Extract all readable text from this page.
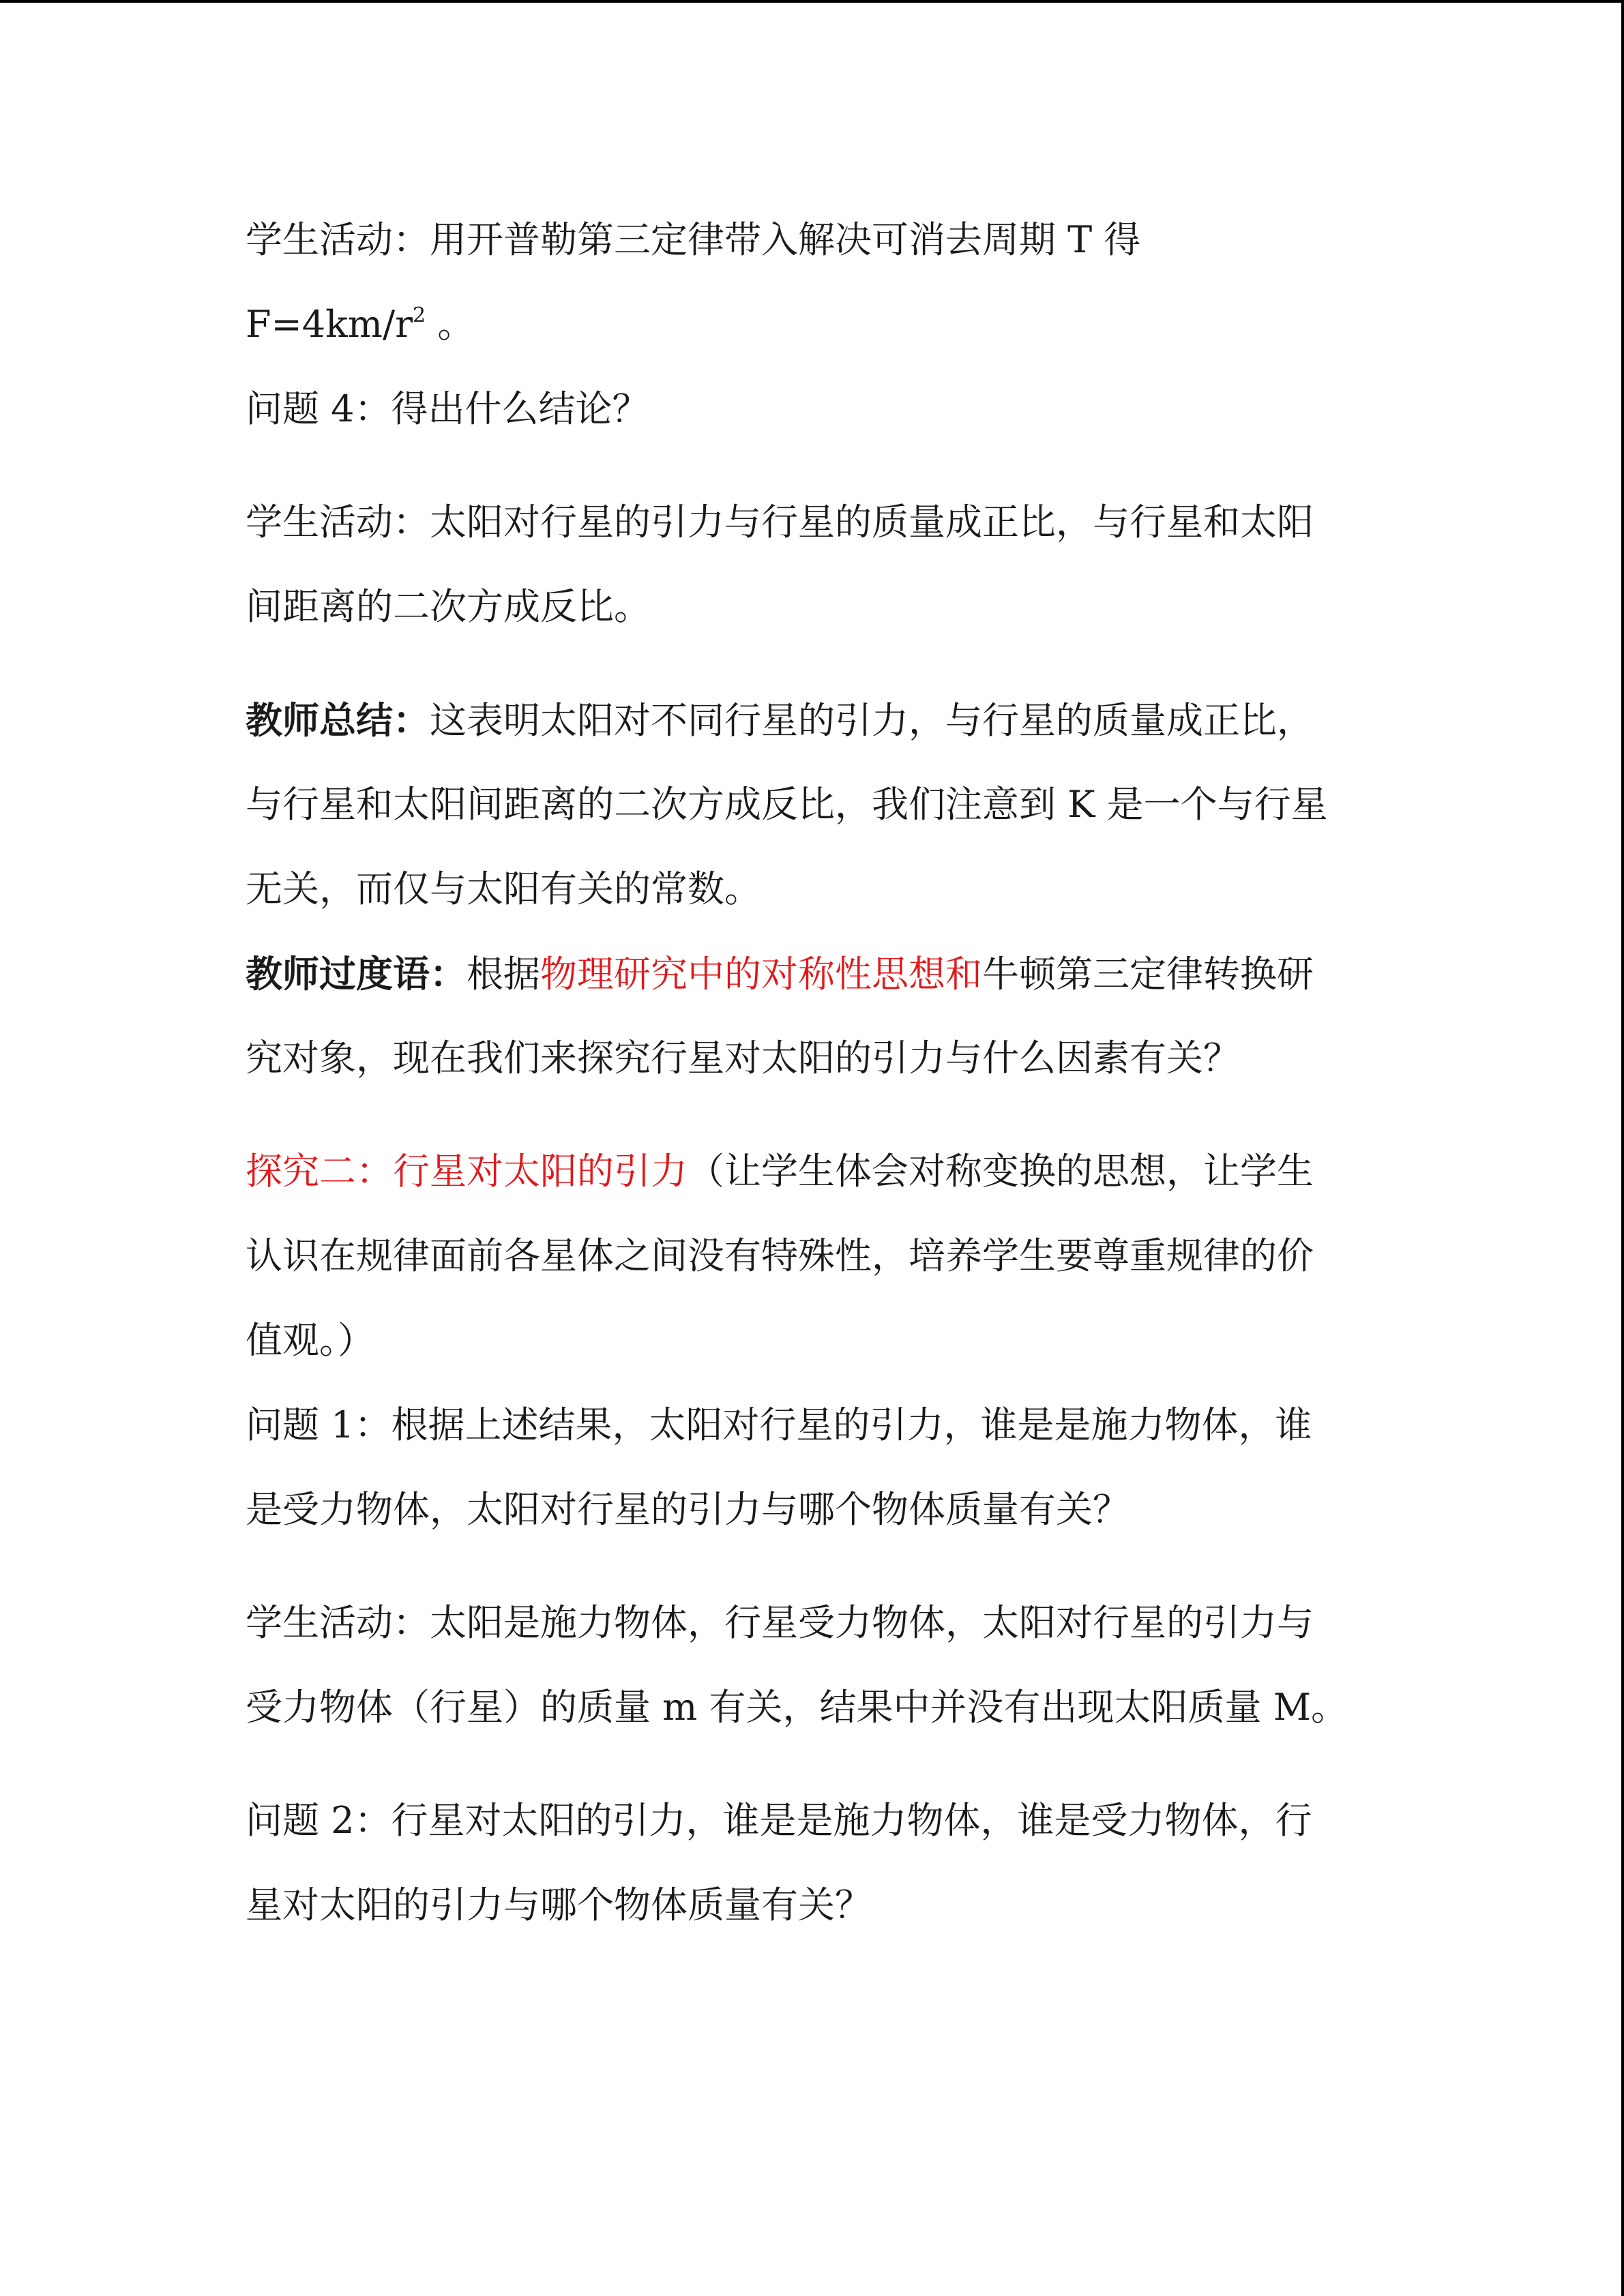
学生活动：用开普勒第三定律带入解决可消去周期 T 得
$F=4km/r^2$ 。
问题 4：得出什么结论？
学生活动：太阳对行星的引力与行星的质量成正比，与行星和太阳
间距离的二次方成反比。
教师总结：这表明太阳对不同行星的引力，与行星的质量成正比，
与行星和太阳间距离的二次方成反比，我们注意到 K 是一个与行星
无关，而仅与太阳有关的常数。
教师过度语：根据物理研究中的对称性思想和牛顿第三定律转换研
究对象，现在我们来探究行星对太阳的引力与什么因素有关？
探究二：行星对太阳的引力（让学生体会对称变换的思想，让学生
认识在规律面前各星体之间没有特殊性，培养学生要尊重规律的价
值观。）
问题 1：根据上述结果，太阳对行星的引力，谁是是施力物体，谁
是受力物体，太阳对行星的引力与哪个物体质量有关？
学生活动：太阳是施力物体，行星受力物体，太阳对行星的引力与
受力物体（行星）的质量 m 有关，结果中并没有出现太阳质量 M。
问题 2：行星对太阳的引力，谁是是施力物体，谁是受力物体，行
星对太阳的引力与哪个物体质量有关？
